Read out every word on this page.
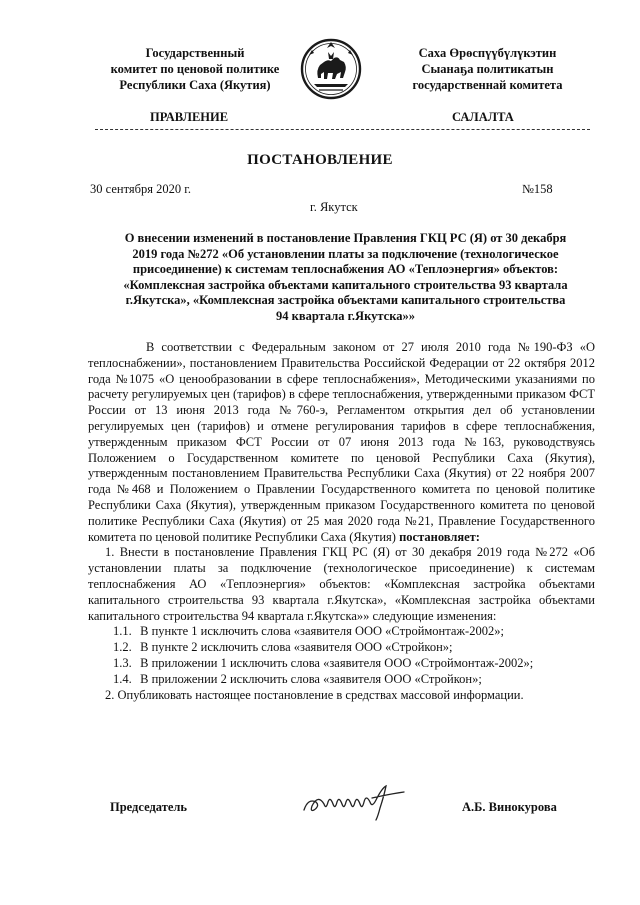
Государственный
комитет по ценовой политике
Республики Саха (Якутия)
Саха Өрөспүүбүлүкэтин
Сыанаҕа политикатын
государственнай комитета
ПРАВЛЕНИЕ	САЛАЛТА
ПОСТАНОВЛЕНИЕ
30 сентября 2020 г.	№158
г. Якутск
О внесении изменений в постановление Правления ГКЦ РС (Я) от 30 декабря
2019 года №272 «Об установлении платы за подключение (технологическое
присоединение) к системам теплоснабжения АО «Теплоэнергия» объектов:
«Комплексная застройка объектами капитального строительства 93 квартала
г.Якутска», «Комплексная застройка объектами капитального строительства
94 квартала г.Якутска»»

В соответствии с Федеральным законом от 27 июля 2010 года №190-ФЗ «О теплоснабжении», постановлением Правительства Российской Федерации от 22 октября 2012 года №1075 «О ценообразовании в сфере теплоснабжения», Методическими указаниями по расчету регулируемых цен (тарифов) в сфере теплоснабжения, утвержденными приказом ФСТ России от 13 июня 2013 года №760-э, Регламентом открытия дел об установлении регулируемых цен (тарифов) и отмене регулирования тарифов в сфере теплоснабжения, утвержденным приказом ФСТ России от 07 июня 2013 года №163, руководствуясь Положением о Государственном комитете по ценовой Республики Саха (Якутия), утвержденным постановлением Правительства Республики Саха (Якутия) от 22 ноября 2007 года №468 и Положением о Правлении Государственного комитета по ценовой политике Республики Саха (Якутия), утвержденным приказом Государственного комитета по ценовой политике Республики Саха (Якутия) от 25 мая 2020 года №21, Правление Государственного комитета по ценовой политике Республики Саха (Якутия) постановляет:

1. Внести в постановление Правления ГКЦ РС (Я) от 30 декабря 2019 года №272 «Об установлении платы за подключение (технологическое присоединение) к системам теплоснабжения АО «Теплоэнергия» объектов: «Комплексная застройка объектами капитального строительства 93 квартала г.Якутска», «Комплексная застройка объектами капитального строительства 94 квартала г.Якутска»» следующие изменения:

1.1. В пункте 1 исключить слова «заявителя ООО «Строймонтаж-2002»;

1.2. В пункте 2 исключить слова «заявителя ООО «Стройкон»;

1.3. В приложении 1 исключить слова «заявителя ООО «Строймонтаж-2002»;

1.4. В приложении 2 исключить слова «заявителя ООО «Стройкон»;

2. Опубликовать настоящее постановление в средствах массовой информации.

Председатель	А.Б. Винокурова
